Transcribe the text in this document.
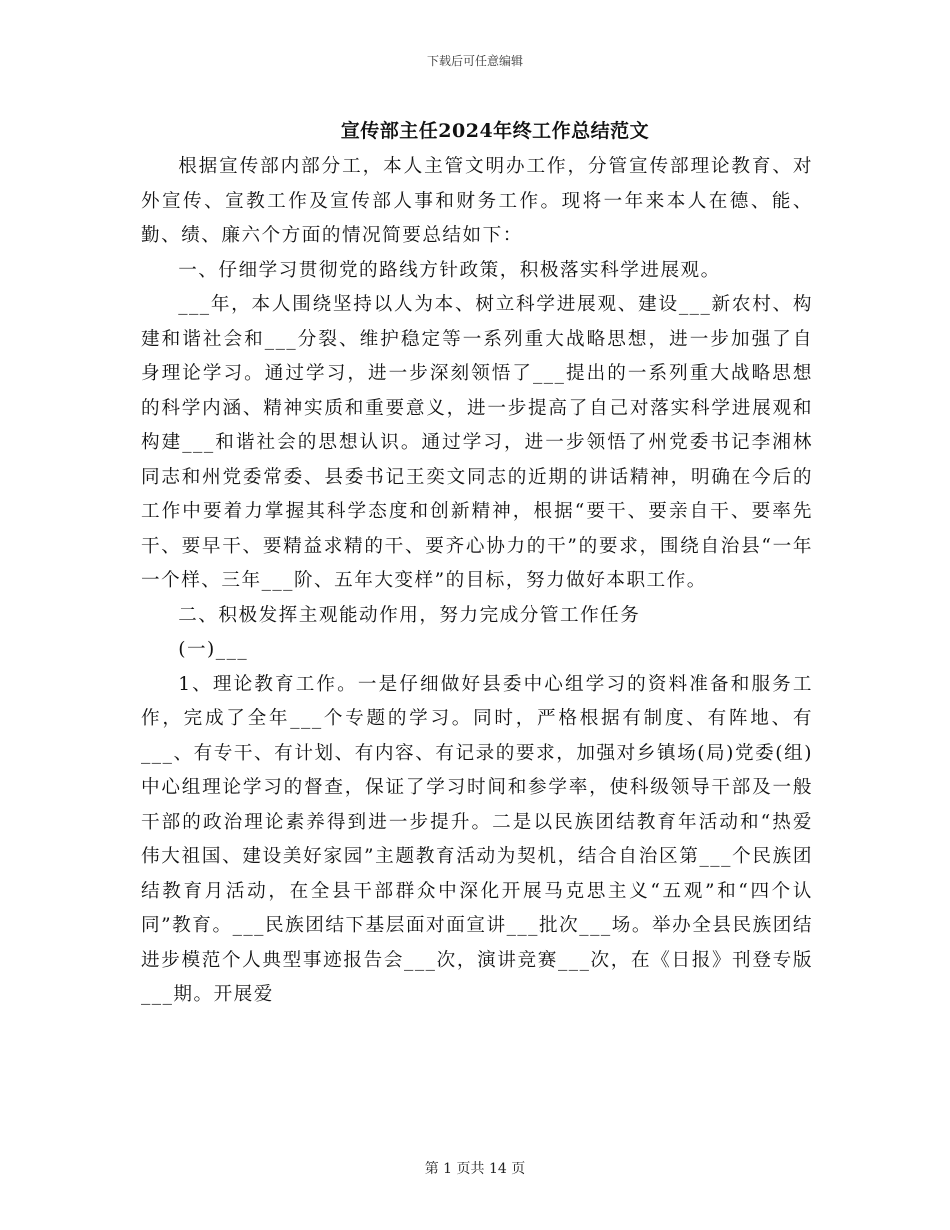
下载后可任意编辑
宣传部主任2024年终工作总结范文

根据宣传部内部分工，本人主管文明办工作，分管宣传部理论教育、对外宣传、宣教工作及宣传部人事和财务工作。现将一年来本人在德、能、勤、绩、廉六个方面的情况简要总结如下：

一、仔细学习贯彻党的路线方针政策，积极落实科学进展观。

___年，本人围绕坚持以人为本、树立科学进展观、建设___新农村、构建和谐社会和___分裂、维护稳定等一系列重大战略思想，进一步加强了自身理论学习。通过学习，进一步深刻领悟了___提出的一系列重大战略思想的科学内涵、精神实质和重要意义，进一步提高了自己对落实科学进展观和构建___和谐社会的思想认识。通过学习，进一步领悟了州党委书记李湘林同志和州党委常委、县委书记王奕文同志的近期的讲话精神，明确在今后的工作中要着力掌握其科学态度和创新精神，根据“要干、要亲自干、要率先干、要早干、要精益求精的干、要齐心协力的干”的要求，围绕自治县“一年一个样、三年___阶、五年大变样”的目标，努力做好本职工作。

二、积极发挥主观能动作用，努力完成分管工作任务

(一)___

1、理论教育工作。一是仔细做好县委中心组学习的资料准备和服务工作，完成了全年___个专题的学习。同时，严格根据有制度、有阵地、有___、有专干、有计划、有内容、有记录的要求，加强对乡镇场(局)党委(组)中心组理论学习的督查，保证了学习时间和参学率，使科级领导干部及一般干部的政治理论素养得到进一步提升。二是以民族团结教育年活动和“热爱伟大祖国、建设美好家园”主题教育活动为契机，结合自治区第___个民族团结教育月活动，在全县干部群众中深化开展马克思主义“五观”和“四个认同”教育。___民族团结下基层面对面宣讲___批次___场。举办全县民族团结进步模范个人典型事迹报告会___次，演讲竞赛___次，在《日报》刊登专版___期。开展爱

第 1 页共 14 页
